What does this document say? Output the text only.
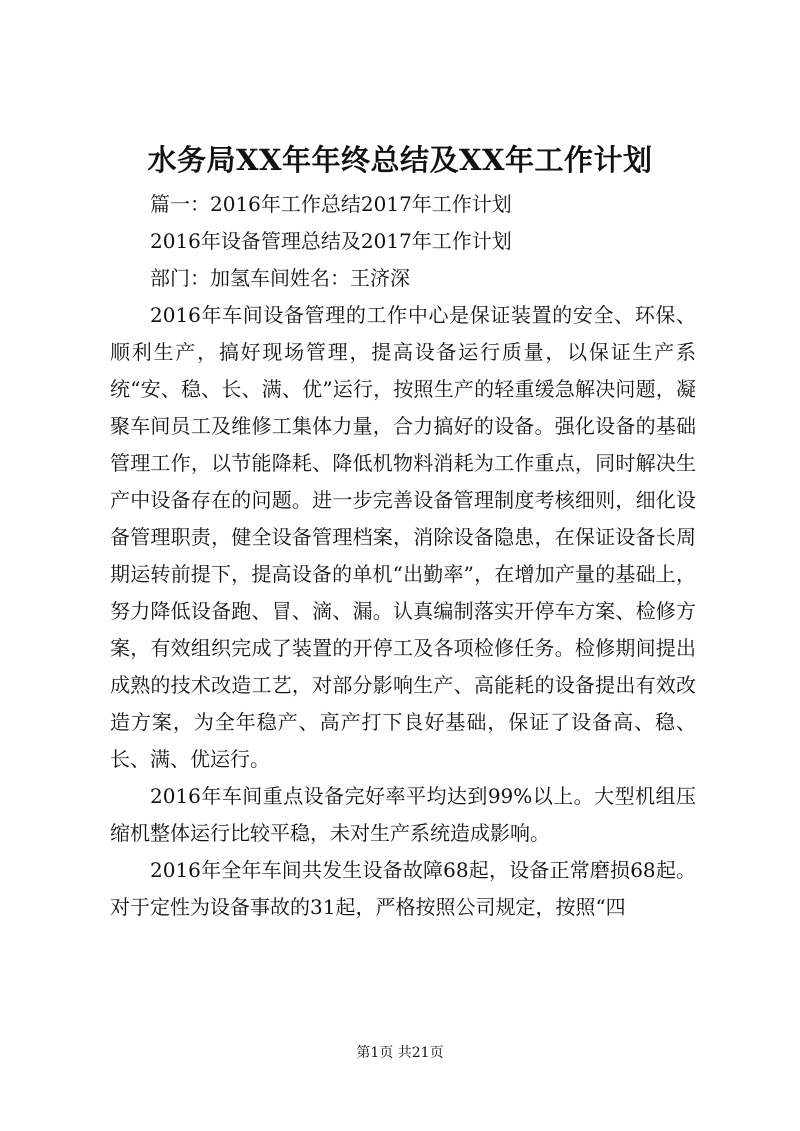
水务局XX年年终总结及XX年工作计划

篇一：2016年工作总结2017年工作计划

2016年设备管理总结及2017年工作计划

部门：加氢车间姓名：王济深

2016年车间设备管理的工作中心是保证装置的安全、环保、顺利生产，搞好现场管理，提高设备运行质量，以保证生产系统“安、稳、长、满、优”运行，按照生产的轻重缓急解决问题，凝聚车间员工及维修工集体力量，合力搞好的设备。强化设备的基础管理工作，以节能降耗、降低机物料消耗为工作重点，同时解决生产中设备存在的问题。进一步完善设备管理制度考核细则，细化设备管理职责，健全设备管理档案，消除设备隐患，在保证设备长周期运转前提下，提高设备的单机“出勤率”，在增加产量的基础上，努力降低设备跑、冒、滴、漏。认真编制落实开停车方案、检修方案，有效组织完成了装置的开停工及各项检修任务。检修期间提出成熟的技术改造工艺，对部分影响生产、高能耗的设备提出有效改造方案，为全年稳产、高产打下良好基础，保证了设备高、稳、长、满、优运行。

2016年车间重点设备完好率平均达到99%以上。大型机组压缩机整体运行比较平稳，未对生产系统造成影响。

2016年全年车间共发生设备故障68起，设备正常磨损68起。对于定性为设备事故的31起，严格按照公司规定，按照“四

第1页 共21页
